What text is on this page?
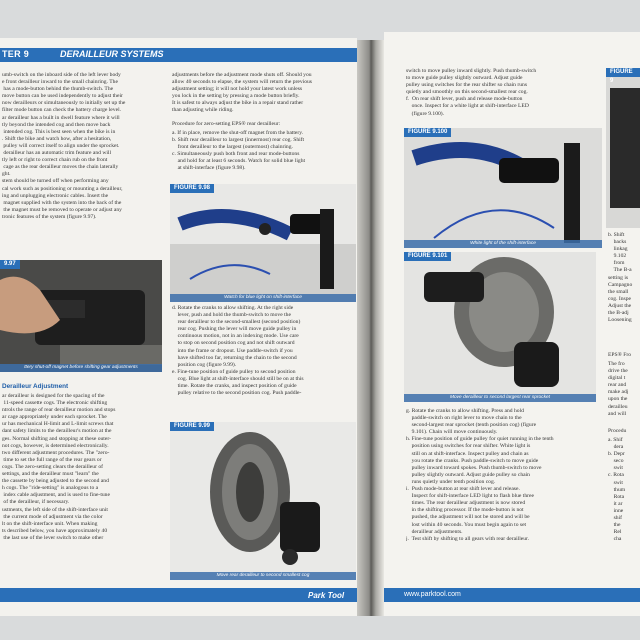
TER 9	DERAILLEUR SYSTEMS
umb-switch on the inboard side of the left lever body
e front derailleur inward to the small chainring. The
has a mode-button behind the thumb-switch. The
move button can be used independently to adjust their
now derailleurs or simultaneously to initially set up the
filter mode button can check the battery charge level.
ar derailleur has a built in dwell feature where it will
tly beyond the intended cog and then move back
intended cog. This is best seen when the bike is in
. Shift the bike and watch how, after a hesitation,
pulley will correct itself to align under the sprocket.
derailleur has an automatic trim feature and will
tly left or right to correct chain rub on the front
cage as the rear derailleur moves the chain laterally
ght.
stem should be turned off when performing any
cal work such as positioning or mounting a derailleur,
ing and unplugging electronic cables. Insert the
magnet supplied with the system into the back of the
the magnet must be removed to operate or adjust any
tronic features of the system (figure 9.97).
9.97
ttery shut-off magnet before shifting gear adjustments
Derailleur Adjustment
ar derailleur is designed for the spacing of the
11-speed cassette cogs. The electronic shifting
ntrols the range of rear derailleur motion and stops
ar cage appropriately under each sprocket. The
ur has mechanical H-limit and L-limit screws that
dant safety limits to the derailleur's motion at the
ges. Normal shifting and stopping at these outer-
not cogs, however, is determined electronically.
two different adjustment procedures. The "zero-
time to set the full range of the rear gears or
cogs. The zero-setting clears the derailleur of
settings, and the derailleur must "learn" the
the cassette by being adjusted to the second and
h cogs. The "ride-setting" is analogous to a
index cable adjustment, and is used to fine-tune
of the derailleur, if necessary.
ustments, the left side of the shift-interface unit
the current mode of adjustment via the color
lt on the shift-interface unit. When making
ts described below, you have approximately 40
the last use of the lever switch to make other
adjustments before the adjustment mode shuts off. Should you
allow 40 seconds to elapse, the system will return the previous
adjustment setting; it will not hold your latest work unless
you lock in the setting by pressing a mode button briefly.
It is safest to always adjust the bike in a repair stand rather
than adjusting while riding.
Procedure for zero-setting EPS® rear derailleur:
a. If in place, remove the shut-off magnet from the battery.
b. Shift rear derailleur to largest (innermost) rear cog. Shift
front derailleur to the largest (outermost) chainring.
c. Simultaneously push both front and rear mode-buttons
and hold for at least 6 seconds. Watch for solid blue light
at shift-interface (figure 9.98).
FIGURE 9.98
Watch for blue light on shift-interface
d. Rotate the cranks to allow shifting. At the right side
lever, push and hold the thumb-switch to move the
rear derailleur to the second-smallest (second position)
rear cog. Pushing the lever will move guide pulley in
continuous motion, not in an indexing mode. Use care
to stop on second position cog and not shift outward
into the frame or dropout. Use paddle-switch if you
have shifted too far, returning the chain to the second
position cog (figure 9.99).
e. Fine-tune position of guide pulley to second position
cog. Blue light at shift-interface should still be on at this
time. Rotate the cranks, and inspect position of guide
pulley relative to the second position cog. Push paddle-
FIGURE 9.99
Move rear derailleur to second smallest cog
switch to move pulley inward slightly. Push thumb-switch
to move guide pulley slightly outward. Adjust guide
pulley using switches for the rear shifter so chain runs
quietly and smoothly on this second-smallest rear cog.
f.  On rear shift lever, push and release mode-button
once. Inspect for a white light at shift-interface LED
(figure 9.100).
FIGURE 9.100
White light of the shift-interface
FIGURE 9.101
Move derailleur to second largest rear sprocket
g. Rotate the cranks to allow shifting. Press and hold
paddle-switch on right lever to move chain to the
second-largest rear sprocket (tenth position cog) (figure
9.101). Chain will move continuously.
h. Fine-tune position of guide pulley for quiet running in the tenth
position using switches for rear shifter. White light is
still on at shift-interface. Inspect pulley and chain as
you rotate the cranks. Push paddle-switch to move guide
pulley inward toward spokes. Push thumb-switch to move
pulley slightly outward. Adjust guide pulley so chain
runs quietly under tenth position cog.
i.  Push mode-button at rear shift lever and release.
Inspect for shift-interface LED light to flash blue three
times. The rear derailleur adjustment is now stored
in the shifting processor. If the mode-button is not
pushed, the adjustment will not be stored and will be
lost within 40 seconds. You must begin again to set
derailleur adjustments.
j.  Test shift by shifting to all gears with rear derailleur.
FIGURE 9
b. Shift
backs
linkag
9.102
from
The B-a
setting is
Campagno
the small
cog. Inspe
Adjust the
the B-adj
Loosening
EPS® Fro
The fro
drive the
digital t
rear and
make adj
upon the
derailleu
and will
Procedu
a. Shif
dera
b. Depr
seco
swit
c. Rota
swit
thum
Rota
it ar
inne
shif
the
Rel
cha
Park Tool	www.parktool.com
